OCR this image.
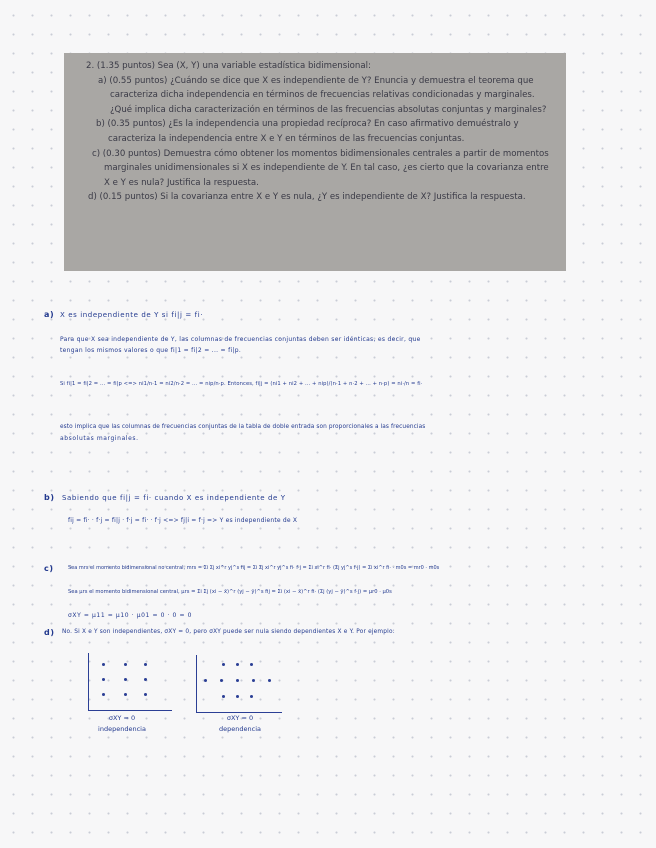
2. (1.35 puntos) Sea (X, Y) una variable estadística bidimensional:

a) (0.55 puntos) ¿Cuándo se dice que X es independiente de Y? Enuncia y demuestra el teorema que caracteriza dicha independencia en términos de frecuencias relativas condicionadas y marginales. ¿Qué implica dicha caracterización en términos de las frecuencias absolutas conjuntas y marginales?

b) (0.35 puntos) ¿Es la independencia una propiedad recíproca? En caso afirmativo demuéstralo y caracteriza la independencia entre X e Y en términos de las frecuencias conjuntas.

c) (0.30 puntos) Demuestra cómo obtener los momentos bidimensionales centrales a partir de momentos marginales unidimensionales si X es independiente de Y. En tal caso, ¿es cierto que la covarianza entre X e Y es nula? Justifica la respuesta.

d) (0.15 puntos) Si la covarianza entre X e Y es nula, ¿Y es independiente de X? Justifica la respuesta.

a) X es independiente de Y si fi|j = fi·
Para que X sea independiente de Y, las columnas de frecuencias conjuntas deben ser idénticas, es decir, que
tengan los mismos valores o que fi|1 = fi|2 = ... = fi|p.
Si fi|1 = fi|2 = ... = fi|p <=> ni1/n·1 = ni2/n·2 = ... = nip/n·p. Entonces, fi|j = (ni1 + ni2 + ... + nip)/(n·1 + n·2 + ... + n·p) = ni·/n = fi·
esto implica que las columnas de frecuencias conjuntas de la tabla de doble entrada son proporcionales a las frecuencias
absolutas marginales.
b) Sabiendo que fi|j = fi· cuando X es independiente de Y
fij = fi· · f·j = fi|j · f·j = fi· · f·j <=> fj|i = f·j => Y es independiente de X
c)	Sea mrs el momento bidimensional no central, mrs = Σi Σj xi^r yj^s fij = Σi Σj xi^r yj^s fi· f·j = Σi xi^r fi· (Σj yj^s f·j) = Σi xi^r fi· · m0s = mr0 · m0s
Sea μrs el momento bidimensional central, μrs = Σi Σj (xi − x̄)^r (yj − ȳ)^s fij = Σi (xi − x̄)^r fi· (Σj (yj − ȳ)^s f·j) = μr0 · μ0s
σXY = μ11 = μ10 · μ01 = 0 · 0 = 0
d) No. Si X e Y son independientes, σXY = 0, pero σXY puede ser nula siendo dependientes X e Y. Por ejemplo:
σXY = 0
independencia
σXY = 0
dependencia
